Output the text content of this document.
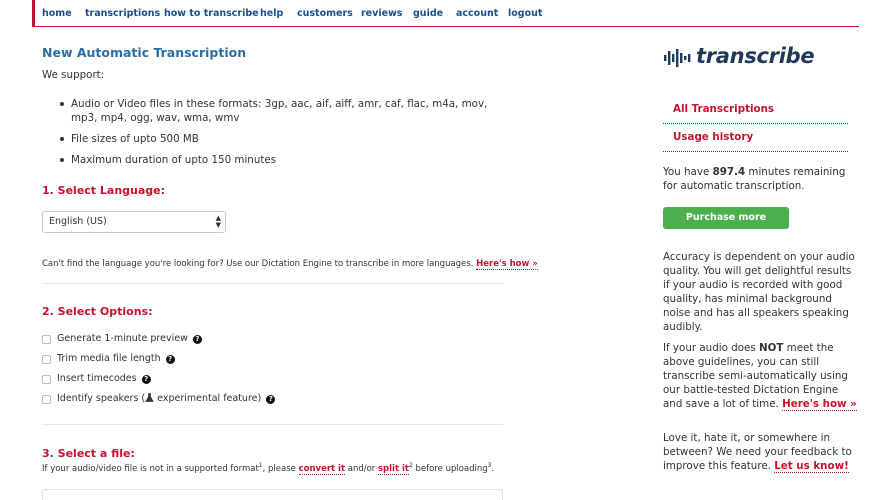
home transcriptions how to transcribe help customers reviews guide account logout
New Automatic Transcription
We support:
Audio or Video files in these formats: 3gp, aac, aif, aiff, amr, caf, flac, m4a, mov, mp3, mp4, ogg, wav, wma, wmv
File sizes of upto 500 MB
Maximum duration of upto 150 minutes
1. Select Language:
English (US)	▲
▼
Can't find the language you're looking for? Use our Dictation Engine to transcribe in more languages. Here's how »
2. Select Options:
Generate 1-minute preview ?
Trim media file length ?
Insert timecodes ?
Identify speakers ( experimental feature) ?
3. Select a file:
If your audio/video file is not in a supported format$^1$, please convert it and/or split $it^2$ before uploading$^3$.
transcribe
All Transcriptions
Usage history
You have 897.4 minutes remaining for automatic transcription.
Purchase more minutes
Accuracy is dependent on your audio quality. You will get delightful results if your audio is recorded with good quality, has minimal background noise and has all speakers speaking audibly.
If your audio does NOT meet the above guidelines, you can still transcribe semi-automatically using our battle-tested Dictation Engine and save a lot of time. Here's how »
Love it, hate it, or somewhere in between? We need your feedback to improve this feature. Let us know!
